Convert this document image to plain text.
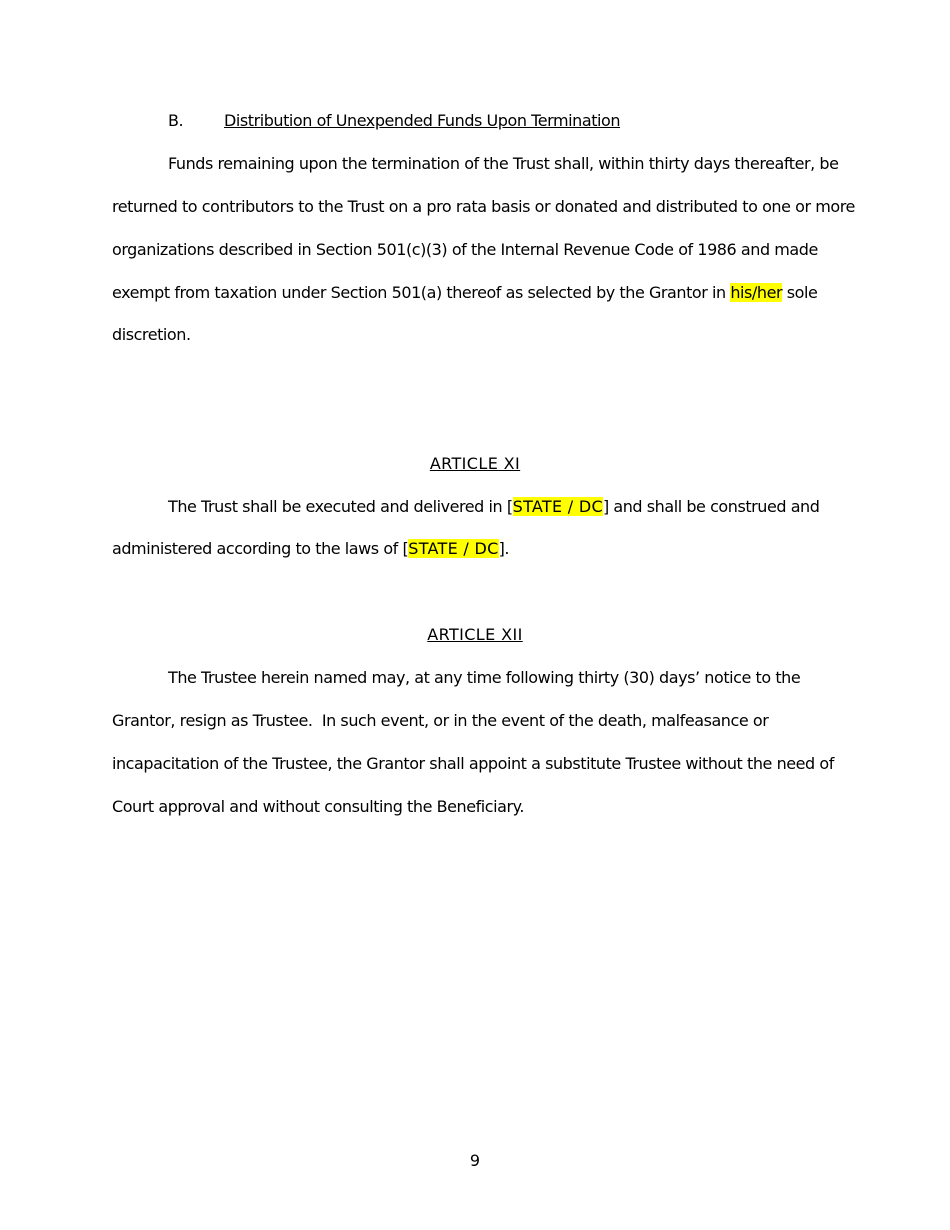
B.	Distribution of Unexpended Funds Upon Termination
Funds remaining upon the termination of the Trust shall, within thirty days thereafter, be
returned to contributors to the Trust on a pro rata basis or donated and distributed to one or more
organizations described in Section 501(c)(3) of the Internal Revenue Code of 1986 and made
exempt from taxation under Section 501(a) thereof as selected by the Grantor in his/her sole
discretion.
ARTICLE XI
The Trust shall be executed and delivered in [STATE / DC] and shall be construed and
administered according to the laws of [STATE / DC].
ARTICLE XII
The Trustee herein named may, at any time following thirty (30) days’ notice to the
Grantor, resign as Trustee.  In such event, or in the event of the death, malfeasance or
incapacitation of the Trustee, the Grantor shall appoint a substitute Trustee without the need of
Court approval and without consulting the Beneficiary.
9
